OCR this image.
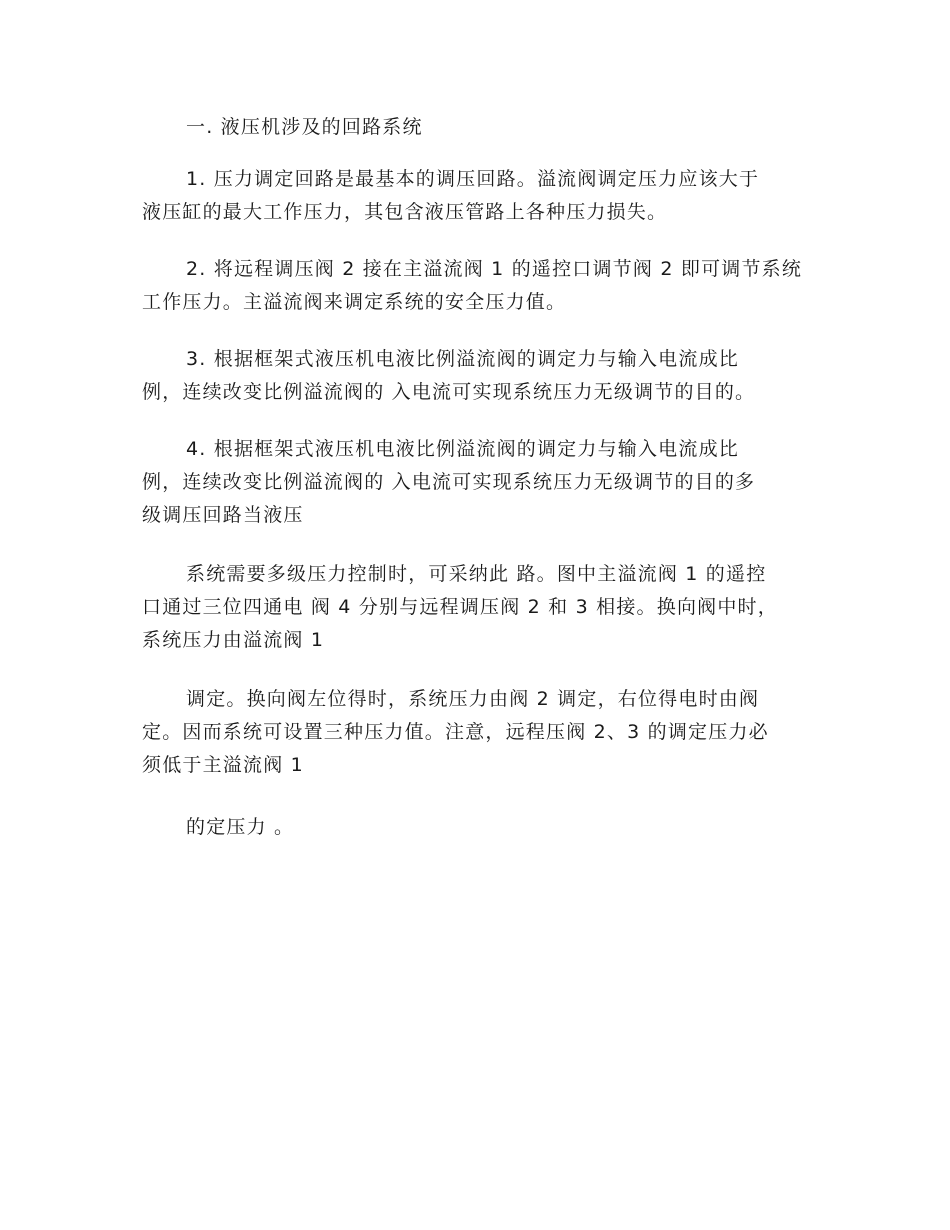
一. 液压机涉及的回路系统
1. 压力调定回路是最基本的调压回路。溢流阀调定压力应该大于
液压缸的最大工作压力，其包含液压管路上各种压力损失。
2. 将远程调压阀 2 接在主溢流阀 1 的遥控口调节阀 2 即可调节系统
工作压力。主溢流阀来调定系统的安全压力值。
3. 根据框架式液压机电液比例溢流阀的调定力与输入电流成比
例，连续改变比例溢流阀的 入电流可实现系统压力无级调节的目的。
4. 根据框架式液压机电液比例溢流阀的调定力与输入电流成比
例，连续改变比例溢流阀的 入电流可实现系统压力无级调节的目的多
级调压回路当液压
系统需要多级压力控制时，可采纳此 路。图中主溢流阀 1 的遥控
口通过三位四通电 阀 4 分别与远程调压阀 2 和 3 相接。换向阀中时，
系统压力由溢流阀 1
调定。换向阀左位得时，系统压力由阀 2 调定，右位得电时由阀
定。因而系统可设置三种压力值。注意，远程压阀 2、3 的调定压力必
须低于主溢流阀 1
的定压力 。
